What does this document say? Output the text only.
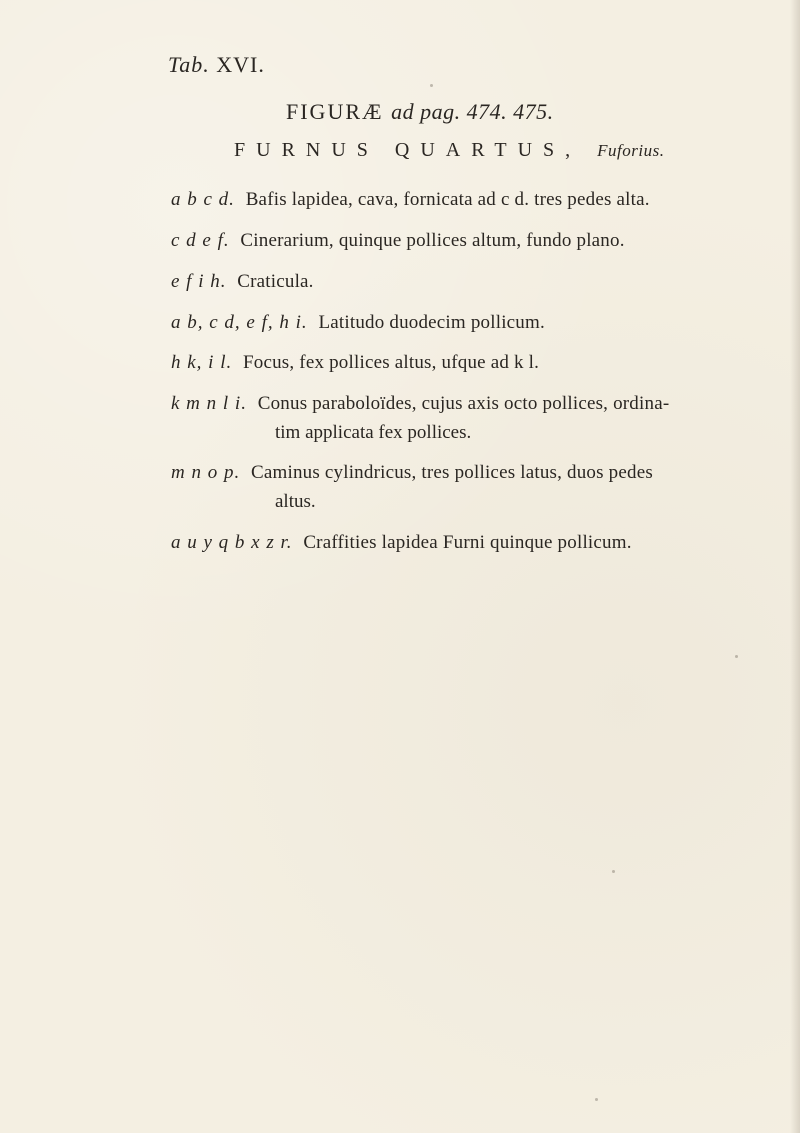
Tab. XVI.
FIGURÆ ad pag. 474. 475.
FURNUS QUARTUS, Fuforius.
a b c d. Bafis lapidea, cava, fornicata ad c d. tres pedes alta.
c d e f. Cinerarium, quinque pollices altum, fundo plano.
e f i h. Craticula.
a b, c d, e f, h i. Latitudo duodecim pollicum.
h k, i l. Focus, fex pollices altus, ufque ad k l.
k m n l i. Conus paraboloïdes, cujus axis octo pollices, ordina-
tim applicata fex pollices.
m n o p. Caminus cylindricus, tres pollices latus, duos pedes
altus.
a u y q b x z r. Craffities lapidea Furni quinque pollicum.
